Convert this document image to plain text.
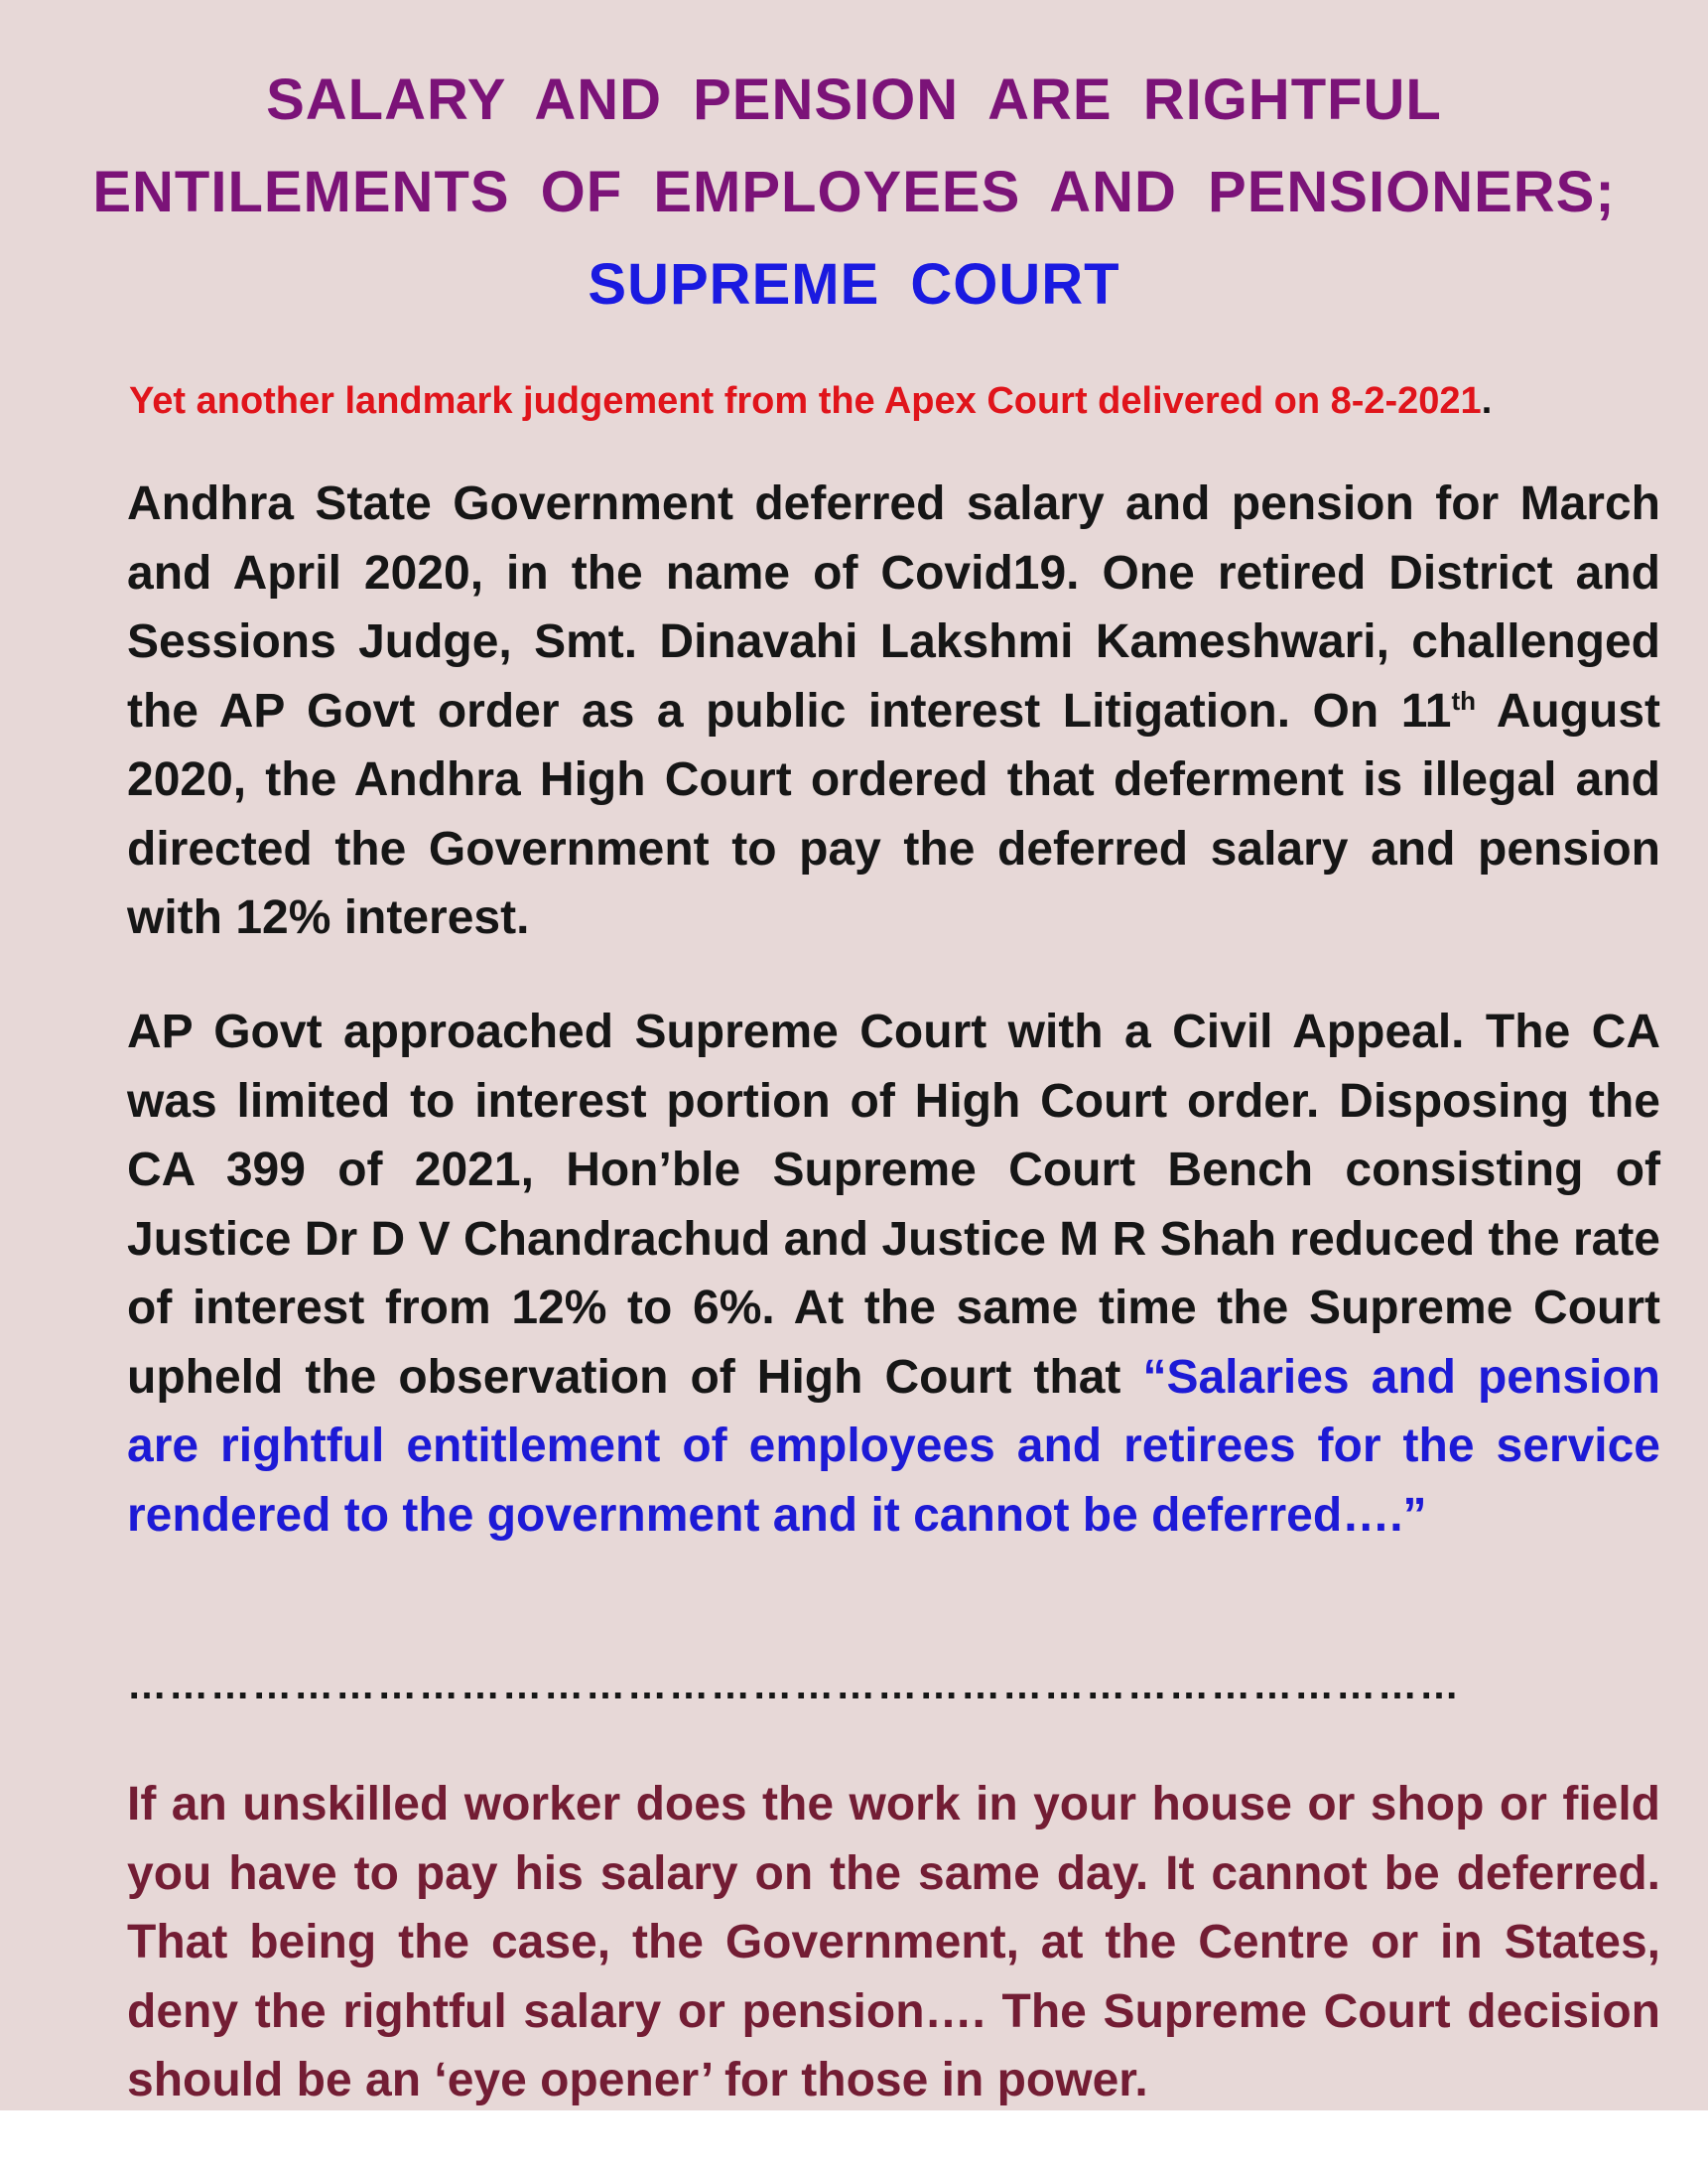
SALARY AND PENSION ARE RIGHTFUL
ENTILEMENTS OF EMPLOYEES AND PENSIONERS;
SUPREME COURT
Yet another landmark judgement from the Apex Court delivered on 8-2-2021.
Andhra State Government deferred salary and pension for March and April 2020, in the name of Covid19. One retired District and Sessions Judge, Smt. Dinavahi Lakshmi Kameshwari, challenged the AP Govt order as a public interest Litigation. On 11th August 2020, the Andhra High Court ordered that deferment is illegal and directed the Government to pay the deferred salary and pension with 12% interest.
AP Govt approached Supreme Court with a Civil Appeal. The CA was limited to interest portion of High Court order. Disposing the CA 399 of 2021, Hon’ble Supreme Court Bench consisting of Justice Dr D V Chandrachud and Justice M R Shah reduced the rate of interest from 12% to 6%. At the same time the Supreme Court upheld the observation of High Court that “Salaries and pension are rightful entitlement of employees and retirees for the service rendered to the government and it cannot be deferred….”
……………………………………………………………………………………
If an unskilled worker does the work in your house or shop or field you have to pay his salary on the same day. It cannot be deferred. That being the case, the Government, at the Centre or in States, deny the rightful salary or pension…. The Supreme Court decision should be an ‘eye opener’ for those in power.
